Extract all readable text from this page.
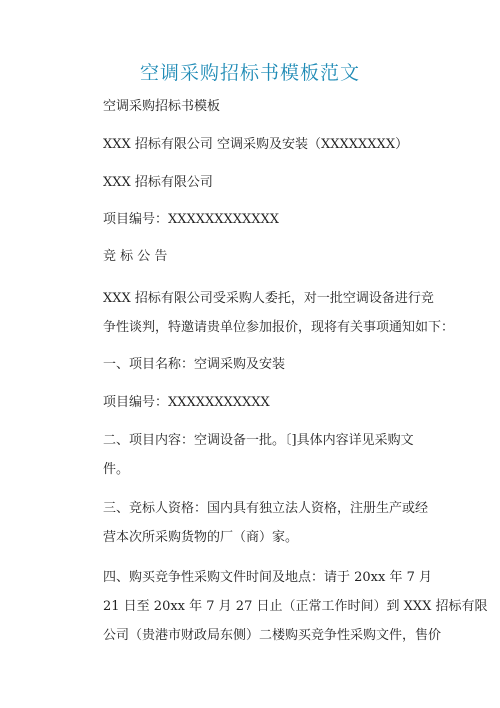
空调采购招标书模板范文

空调采购招标书模板

XXX 招标有限公司 空调采购及安装（XXXXXXXX）

XXX 招标有限公司

项目编号：XXXXXXXXXXXX

竞 标 公 告

XXX 招标有限公司受采购人委托，对一批空调设备进行竞
争性谈判，特邀请贵单位参加报价，现将有关事项通知如下：

一、项目名称：空调采购及安装

项目编号：XXXXXXXXXXX

二、项目内容：空调设备一批。〔]具体内容详见采购文
件。

三、竞标人资格：国内具有独立法人资格，注册生产或经
营本次所采购货物的厂（商）家。

四、购买竞争性采购文件时间及地点：请于 20xx 年 7 月
21 日至 20xx 年 7 月 27 日止（正常工作时间）到 XXX 招标有限
公司（贵港市财政局东侧）二楼购买竞争性采购文件，售价
